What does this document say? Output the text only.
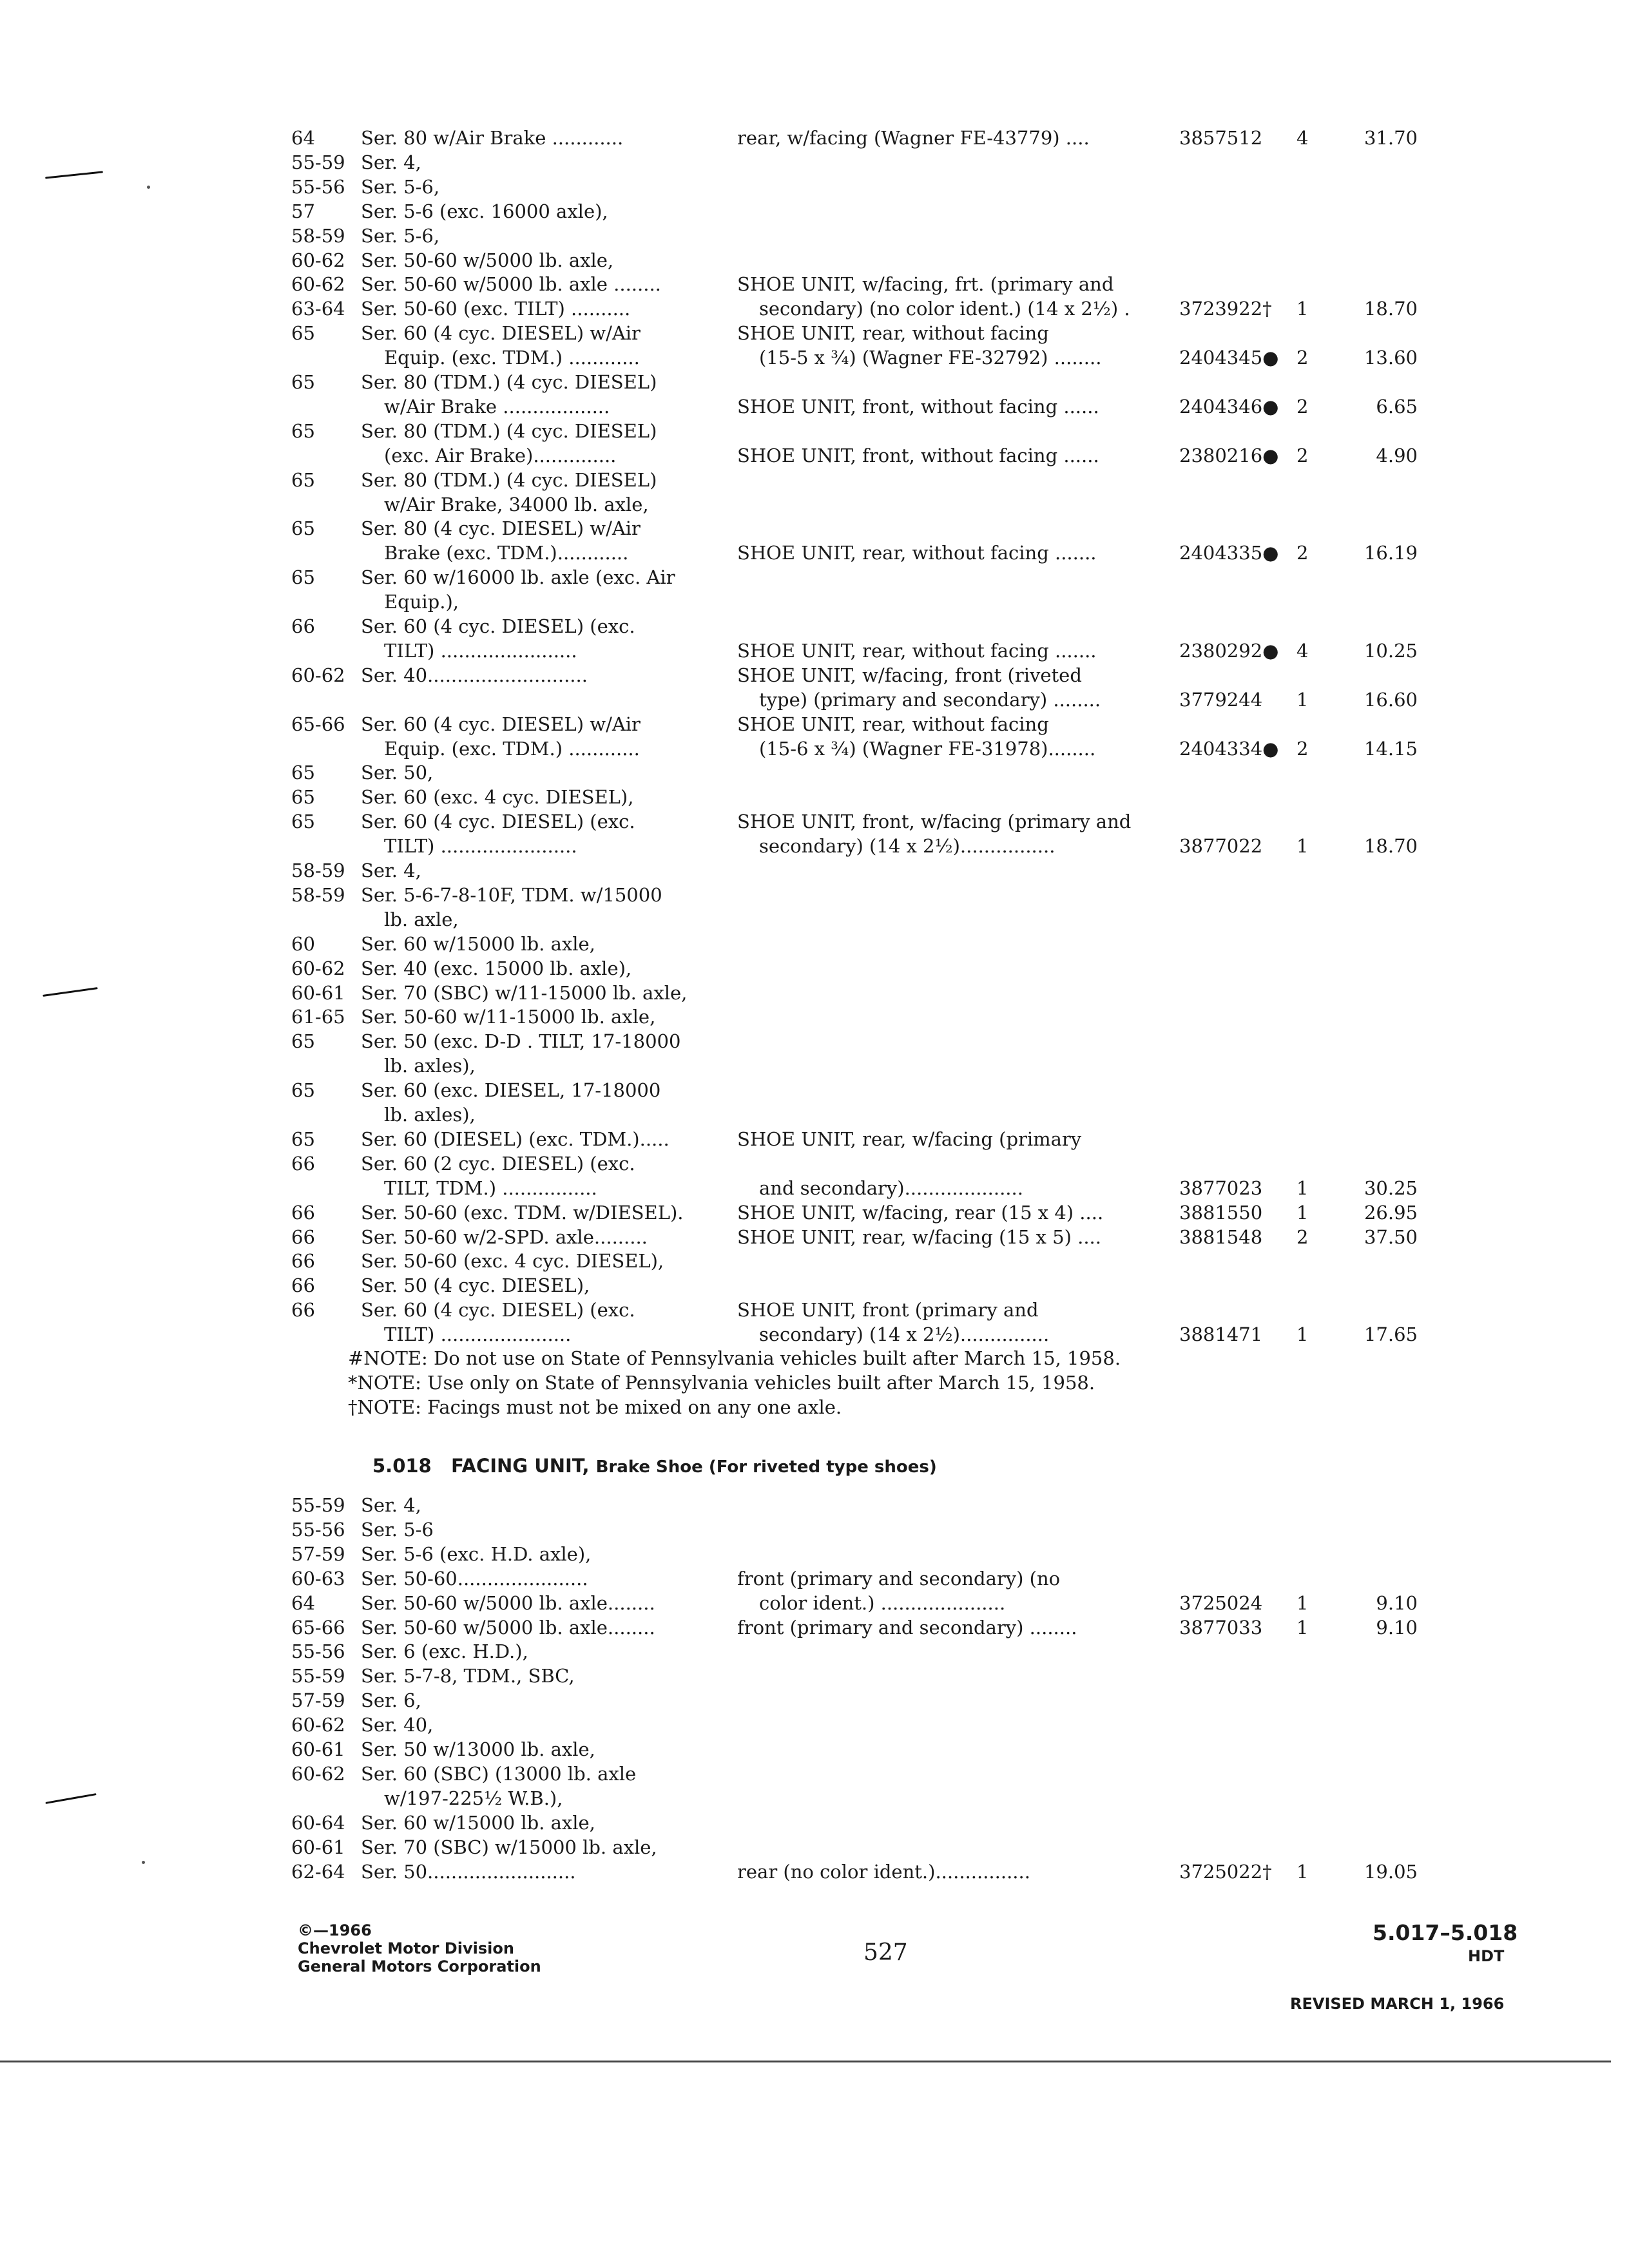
64 Ser. 80 w/Air Brake ............	rear, w/facing (Wagner FE-43779) ....	3857512 4	31.70
55-59 Ser. 4,
55-56 Ser. 5-6,
57 Ser. 5-6 (exc. 16000 axle),
58-59 Ser. 5-6,
60-62 Ser. 50-60 w/5000 lb. axle,
60-62 Ser. 50-60 w/5000 lb. axle ........	SHOE UNIT, w/facing, frt. (primary and
63-64 Ser. 50-60 (exc. TILT) ..........	secondary) (no color ident.) (14 x 2½) .	3723922† 1	18.70
65 Ser. 60 (4 cyc. DIESEL) w/Air	SHOE UNIT, rear, without facing
Equip. (exc. TDM.) ............	(15-5 x ¾) (Wagner FE-32792) ........	2404345● 2	13.60
65 Ser. 80 (TDM.) (4 cyc. DIESEL)
w/Air Brake ..................	SHOE UNIT, front, without facing ......	2404346● 2	6.65
65 Ser. 80 (TDM.) (4 cyc. DIESEL)
(exc. Air Brake)..............	SHOE UNIT, front, without facing ......	2380216● 2	4.90
65 Ser. 80 (TDM.) (4 cyc. DIESEL)
w/Air Brake, 34000 lb. axle,
65 Ser. 80 (4 cyc. DIESEL) w/Air
Brake (exc. TDM.)............	SHOE UNIT, rear, without facing .......	2404335● 2	16.19
65 Ser. 60 w/16000 lb. axle (exc. Air
Equip.),
66 Ser. 60 (4 cyc. DIESEL) (exc.
TILT) .......................	SHOE UNIT, rear, without facing .......	2380292● 4	10.25
60-62 Ser. 40...........................	SHOE UNIT, w/facing, front (riveted
type) (primary and secondary) ........	3779244 1	16.60
65-66 Ser. 60 (4 cyc. DIESEL) w/Air	SHOE UNIT, rear, without facing
Equip. (exc. TDM.) ............	(15-6 x ¾) (Wagner FE-31978)........	2404334● 2	14.15
65 Ser. 50,
65 Ser. 60 (exc. 4 cyc. DIESEL),
65 Ser. 60 (4 cyc. DIESEL) (exc.	SHOE UNIT, front, w/facing (primary and
TILT) .......................	secondary) (14 x 2½)................	3877022 1	18.70
58-59 Ser. 4,
58-59 Ser. 5-6-7-8-10F, TDM. w/15000
lb. axle,
60 Ser. 60 w/15000 lb. axle,
60-62 Ser. 40 (exc. 15000 lb. axle),
60-61 Ser. 70 (SBC) w/11-15000 lb. axle,
61-65 Ser. 50-60 w/11-15000 lb. axle,
65 Ser. 50 (exc. D-D . TILT, 17-18000
lb. axles),
65 Ser. 60 (exc. DIESEL, 17-18000
lb. axles),
65 Ser. 60 (DIESEL) (exc. TDM.).....	SHOE UNIT, rear, w/facing (primary
66 Ser. 60 (2 cyc. DIESEL) (exc.
TILT, TDM.) ................	and secondary)....................	3877023 1	30.25
66 Ser. 50-60 (exc. TDM. w/DIESEL).	SHOE UNIT, w/facing, rear (15 x 4) ....	3881550 1	26.95
66 Ser. 50-60 w/2-SPD. axle.........	SHOE UNIT, rear, w/facing (15 x 5) ....	3881548 2	37.50
66 Ser. 50-60 (exc. 4 cyc. DIESEL),
66 Ser. 50 (4 cyc. DIESEL),
66 Ser. 60 (4 cyc. DIESEL) (exc.	SHOE UNIT, front (primary and
TILT) ......................	secondary) (14 x 2½)...............	3881471 1	17.65
#NOTE: Do not use on State of Pennsylvania vehicles built after March 15, 1958.
*NOTE: Use only on State of Pennsylvania vehicles built after March 15, 1958.
†NOTE: Facings must not be mixed on any one axle.
5.018 FACING UNIT, Brake Shoe (For riveted type shoes)
55-59 Ser. 4,
55-56 Ser. 5-6
57-59 Ser. 5-6 (exc. H.D. axle),
60-63 Ser. 50-60......................	front (primary and secondary) (no
64 Ser. 50-60 w/5000 lb. axle........	color ident.) .....................	3725024 1	9.10
65-66 Ser. 50-60 w/5000 lb. axle........	front (primary and secondary) ........	3877033 1	9.10
55-56 Ser. 6 (exc. H.D.),
55-59 Ser. 5-7-8, TDM., SBC,
57-59 Ser. 6,
60-62 Ser. 40,
60-61 Ser. 50 w/13000 lb. axle,
60-62 Ser. 60 (SBC) (13000 lb. axle
w/197-225½ W.B.),
60-64 Ser. 60 w/15000 lb. axle,
60-61 Ser. 70 (SBC) w/15000 lb. axle,
62-64 Ser. 50.........................	rear (no color ident.)................	3725022† 1	19.05
©—1966
Chevrolet Motor Division
General Motors Corporation
527
5.017–5.018
HDT
REVISED MARCH 1, 1966
